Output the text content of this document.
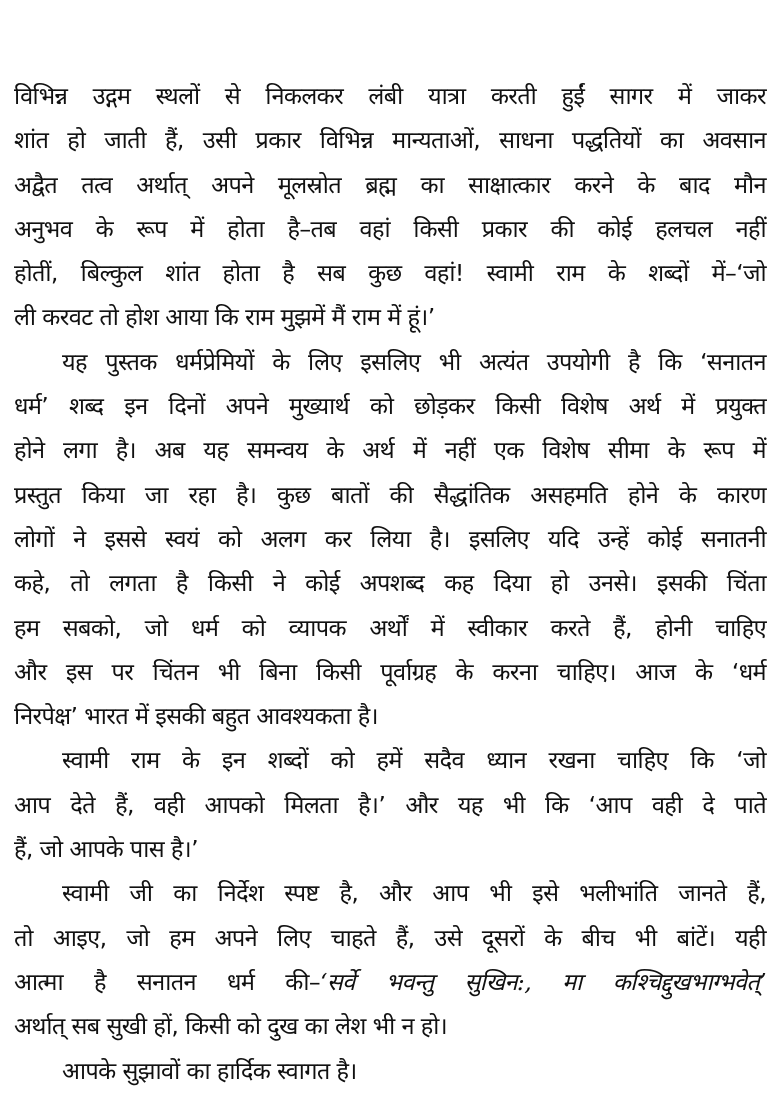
विभिन्न उद्गम स्थलों से निकलकर लंबी यात्रा करती हुईं सागर में जाकर
शांत हो जाती हैं, उसी प्रकार विभिन्न मान्यताओं, साधना पद्धतियों का अवसान
अद्वैत तत्व अर्थात् अपने मूलस्रोत ब्रह्म का साक्षात्कार करने के बाद मौन
अनुभव के रूप में होता है–तब वहां किसी प्रकार की कोई हलचल नहीं
होतीं, बिल्कुल शांत होता है सब कुछ वहां! स्वामी राम के शब्दों में–‘जो
ली करवट तो होश आया कि राम मुझमें मैं राम में हूं।’
यह पुस्तक धर्मप्रेमियों के लिए इसलिए भी अत्यंत उपयोगी है कि ‘सनातन
धर्म’ शब्द इन दिनों अपने मुख्यार्थ को छोड़कर किसी विशेष अर्थ में प्रयुक्त
होने लगा है। अब यह समन्वय के अर्थ में नहीं एक विशेष सीमा के रूप में
प्रस्तुत किया जा रहा है। कुछ बातों की सैद्धांतिक असहमति होने के कारण
लोगों ने इससे स्वयं को अलग कर लिया है। इसलिए यदि उन्हें कोई सनातनी
कहे, तो लगता है किसी ने कोई अपशब्द कह दिया हो उनसे। इसकी चिंता
हम सबको, जो धर्म को व्यापक अर्थों में स्वीकार करते हैं, होनी चाहिए
और इस पर चिंतन भी बिना किसी पूर्वाग्रह के करना चाहिए। आज के ‘धर्म
निरपेक्ष’ भारत में इसकी बहुत आवश्यकता है।
स्वामी राम के इन शब्दों को हमें सदैव ध्यान रखना चाहिए कि ‘जो
आप देते हैं, वही आपको मिलता है।’ और यह भी कि ‘आप वही दे पाते
हैं, जो आपके पास है।’
स्वामी जी का निर्देश स्पष्ट है, और आप भी इसे भलीभांति जानते हैं,
तो आइए, जो हम अपने लिए चाहते हैं, उसे दूसरों के बीच भी बांटें। यही
आत्मा है सनातन धर्म की–‘सर्वे भवन्तु सुखिन:, मा कश्चिद्दुखभाग्भवेत्’
अर्थात् सब सुखी हों, किसी को दुख का लेश भी न हो।
आपके सुझावों का हार्दिक स्वागत है।
